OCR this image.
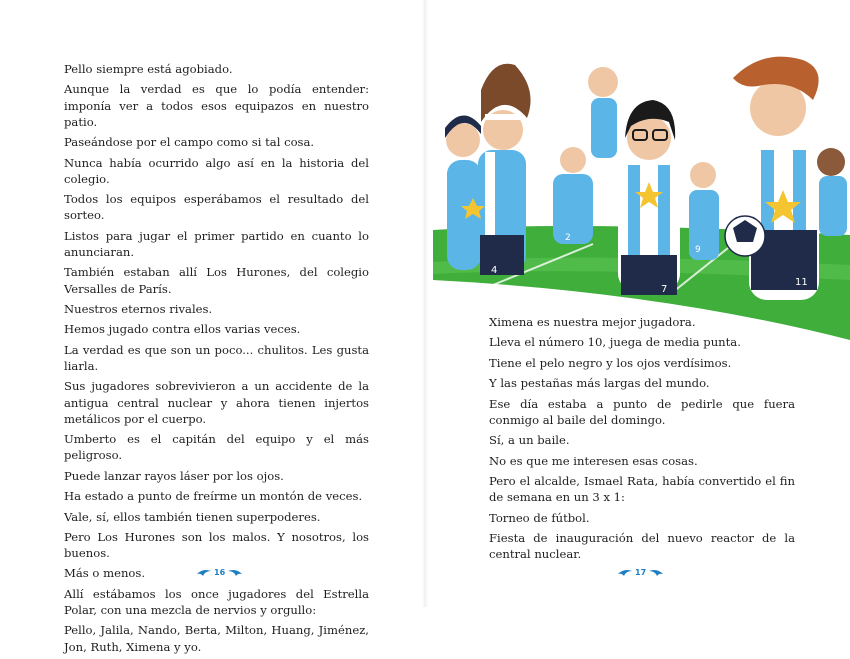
Pello siempre está agobiado.

Aunque la verdad es que lo podía entender: imponía ver a todos esos equipazos en nuestro patio.

Paseándose por el campo como si tal cosa.

Nunca había ocurrido algo así en la historia del colegio.

Todos los equipos esperábamos el resultado del sorteo.

Listos para jugar el primer partido en cuanto lo anunciaran.

También estaban allí Los Hurones, del colegio Versalles de París.

Nuestros eternos rivales.

Hemos jugado contra ellos varias veces.

La verdad es que son un poco... chulitos. Les gusta liarla.

Sus jugadores sobrevivieron a un accidente de la antigua central nuclear y ahora tienen injertos metálicos por el cuerpo.

Umberto es el capitán del equipo y el más peligroso.

Puede lanzar rayos láser por los ojos.

Ha estado a punto de freírme un montón de veces.

Vale, sí, ellos también tienen superpoderes.

Pero Los Hurones son los malos. Y nosotros, los buenos.

Más o menos.

Allí estábamos los once jugadores del Estrella Polar, con una mezcla de nervios y orgullo:

Pello, Jalila, Nando, Berta, Milton, Huang, Jiménez, Jon, Ruth, Ximena y yo.

16
4
2
7
9
11

Ximena es nuestra mejor jugadora.

Lleva el número 10, juega de media punta.

Tiene el pelo negro y los ojos verdísimos.

Y las pestañas más largas del mundo.

Ese día estaba a punto de pedirle que fuera conmigo al baile del domingo.

Sí, a un baile.

No es que me interesen esas cosas.

Pero el alcalde, Ismael Rata, había convertido el fin de semana en un 3 x 1:

Torneo de fútbol.

Fiesta de inauguración del nuevo reactor de la central nuclear.

17
